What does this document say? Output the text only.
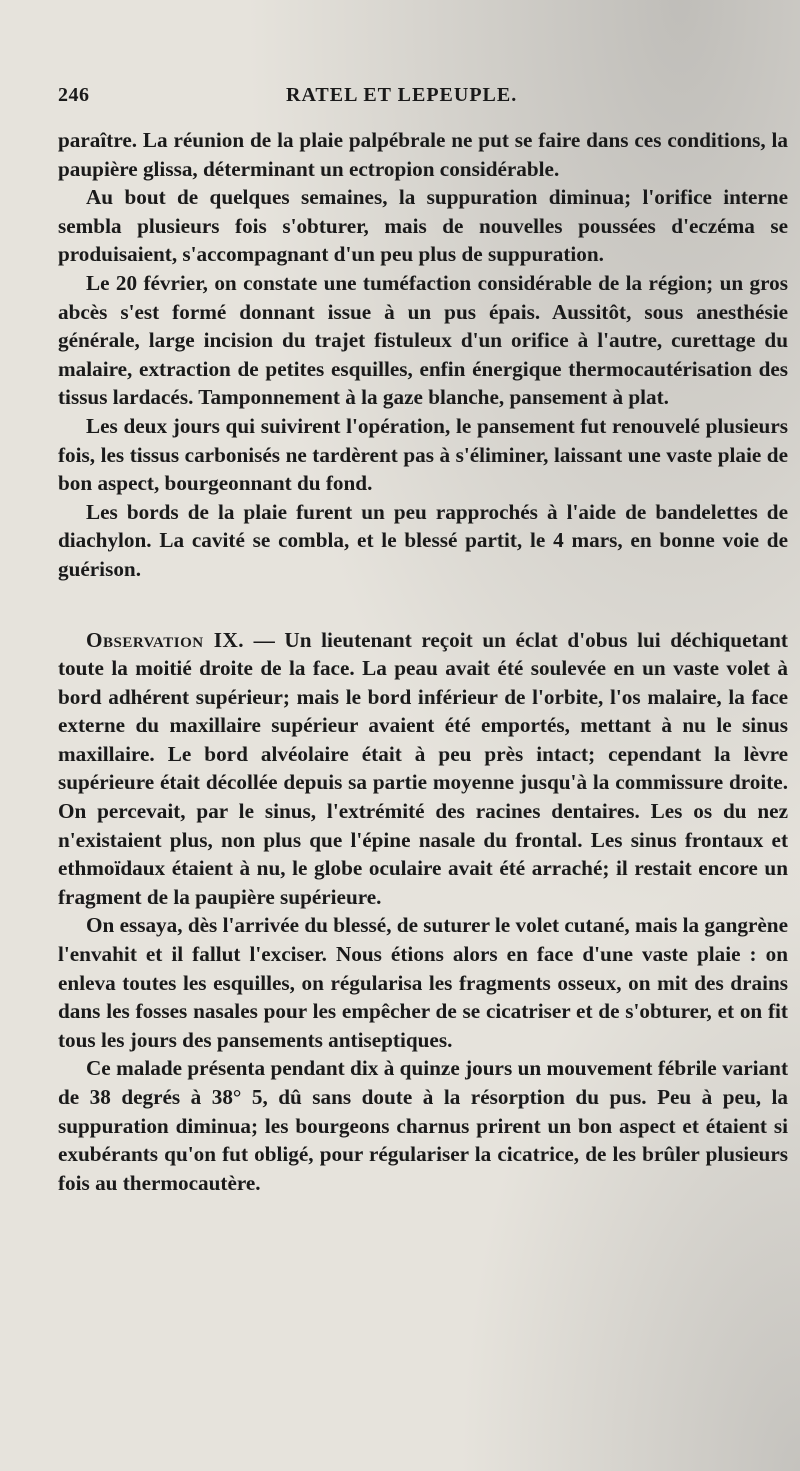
246	RATEL ET LEPEUPLE.

paraître. La réunion de la plaie palpébrale ne put se faire dans ces conditions, la paupière glissa, déterminant un ectropion considérable.

Au bout de quelques semaines, la suppuration diminua; l'orifice interne sembla plusieurs fois s'obturer, mais de nouvelles poussées d'eczéma se produisaient, s'accompagnant d'un peu plus de suppuration.

Le 20 février, on constate une tuméfaction considérable de la région; un gros abcès s'est formé donnant issue à un pus épais. Aussitôt, sous anesthésie générale, large incision du trajet fistuleux d'un orifice à l'autre, curettage du malaire, extraction de petites esquilles, enfin énergique thermocautérisation des tissus lardacés. Tamponnement à la gaze blanche, pansement à plat.

Les deux jours qui suivirent l'opération, le pansement fut renouvelé plusieurs fois, les tissus carbonisés ne tardèrent pas à s'éliminer, laissant une vaste plaie de bon aspect, bourgeonnant du fond.

Les bords de la plaie furent un peu rapprochés à l'aide de bandelettes de diachylon. La cavité se combla, et le blessé partit, le 4 mars, en bonne voie de guérison.

Observation IX. — Un lieutenant reçoit un éclat d'obus lui déchiquetant toute la moitié droite de la face. La peau avait été soulevée en un vaste volet à bord adhérent supérieur; mais le bord inférieur de l'orbite, l'os malaire, la face externe du maxillaire supérieur avaient été emportés, mettant à nu le sinus maxillaire. Le bord alvéolaire était à peu près intact; cependant la lèvre supérieure était décollée depuis sa partie moyenne jusqu'à la commissure droite. On percevait, par le sinus, l'extrémité des racines dentaires. Les os du nez n'existaient plus, non plus que l'épine nasale du frontal. Les sinus frontaux et ethmoïdaux étaient à nu, le globe oculaire avait été arraché; il restait encore un fragment de la paupière supérieure.

On essaya, dès l'arrivée du blessé, de suturer le volet cutané, mais la gangrène l'envahit et il fallut l'exciser. Nous étions alors en face d'une vaste plaie : on enleva toutes les esquilles, on régularisa les fragments osseux, on mit des drains dans les fosses nasales pour les empêcher de se cicatriser et de s'obturer, et on fit tous les jours des pansements antiseptiques.

Ce malade présenta pendant dix à quinze jours un mouvement fébrile variant de 38 degrés à 38° 5, dû sans doute à la résorption du pus. Peu à peu, la suppuration diminua; les bourgeons charnus prirent un bon aspect et étaient si exubérants qu'on fut obligé, pour régulariser la cicatrice, de les brûler plusieurs fois au thermocautère.
